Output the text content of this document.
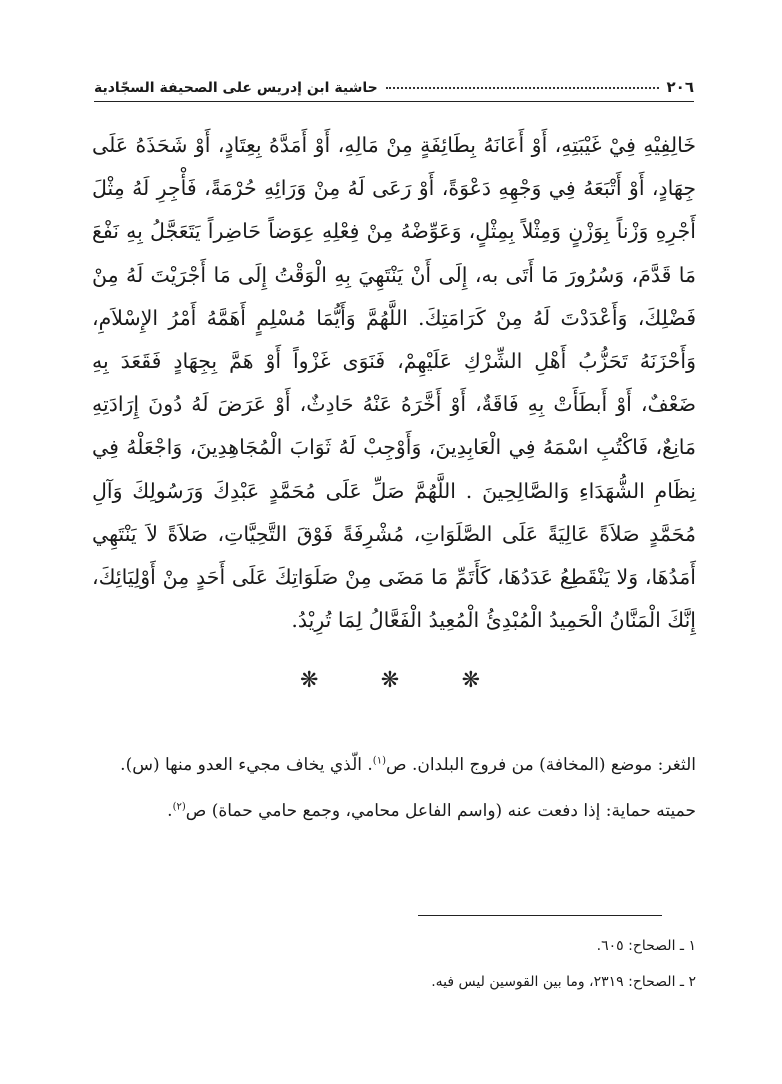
٢٠٦
حاشية ابن إدريس على الصحيفة السجّادية
خَالِفِيْهِ فِيْ غَيْبَتِهِ، أَوْ أَعَانَهُ بِطَائِفَةٍ مِنْ مَالِهِ، أَوْ أَمَدَّهُ بِعِتَادٍ، أَوْ شَحَذَهُ عَلَى جِهَادٍ، أَوْ أَتْبَعَهُ فِي وَجْهِهِ دَعْوَةً، أَوْ رَعَى لَهُ مِنْ وَرَائِهِ حُرْمَةً، فَأْجِرِ لَهُ مِثْلَ أَجْرِهِ وَزْناً بِوَزْنٍ وَمِثْلاً بِمِثْلٍ، وَعَوِّضْهُ مِنْ فِعْلِهِ عِوَضاً حَاضِراً يَتَعَجَّلُ بِهِ نَفْعَ مَا قَدَّمَ، وَسُرُورَ مَا أَتَى به، إِلَى أَنْ يَنْتَهِيَ بِهِ الْوَقْتُ إِلَى مَا أَجْرَيْتَ لَهُ مِنْ فَضْلِكَ، وَأَعْدَدْتَ لَهُ مِنْ كَرَامَتِكَ. اللَّهُمَّ وَأَيُّمَا مُسْلِمٍ أَهَمَّهُ أَمْرُ الإِسْلاَمِ، وَأَحْزَنَهُ تَحَزُّبُ أَهْلِ الشِّرْكِ عَلَيْهِمْ، فَنَوَى غَزْواً أَوْ هَمَّ بِجِهَادٍ فَقَعَدَ بِهِ ضَعْفٌ، أَوْ أَبطَأَتْ بِهِ فَاقَةٌ، أَوْ أَخَّرَهُ عَنْهُ حَادِثٌ، أَوْ عَرَضَ لَهُ دُونَ إِرَادَتِهِ مَانِعٌ، فَاكْتُبِ اسْمَهُ فِي الْعَابِدِينَ، وَأَوْجِبْ لَهُ ثَوَابَ الْمُجَاهِدِينَ، وَاجْعَلْهُ فِي نِظَامِ الشُّهَدَاءِ وَالصَّالِحِينَ . اللَّهُمَّ صَلِّ عَلَى مُحَمَّدٍ عَبْدِكَ وَرَسُولِكَ وَآلِ مُحَمَّدٍ صَلاَةً عَالِيَةً عَلَى الصَّلَوَاتِ، مُشْرِفَةً فَوْقَ التَّحِيَّاتِ، صَلاَةً لاَ يَنْتَهِي أَمَدُهَا، وَلا يَنْقَطِعُ عَدَدُهَا، كَأَتَمِّ مَا مَضَى مِنْ صَلَوَاتِكَ عَلَى أَحَدٍ مِنْ أَوْلِيَائِكَ، إِنَّكَ الْمَنَّانُ الْحَمِيدُ الْمُبْدِئُ الْمُعِيدُ الْفَعَّالُ لِمَا تُرِيْدُ.
❋	❋	❋

الثغر: موضع (المخافة) من فروج البلدان. ص$^{(١)}$. الّذي يخاف مجيء العدو منها (س).

حميته حماية: إذا دفعت عنه (واسم الفاعل محامي، وجمع حامي حماة) ص$^{(٢)}$.

١ ـ الصحاح: ٦٠٥.
٢ ـ الصحاح: ٢٣١٩، وما بين القوسين ليس فيه.
